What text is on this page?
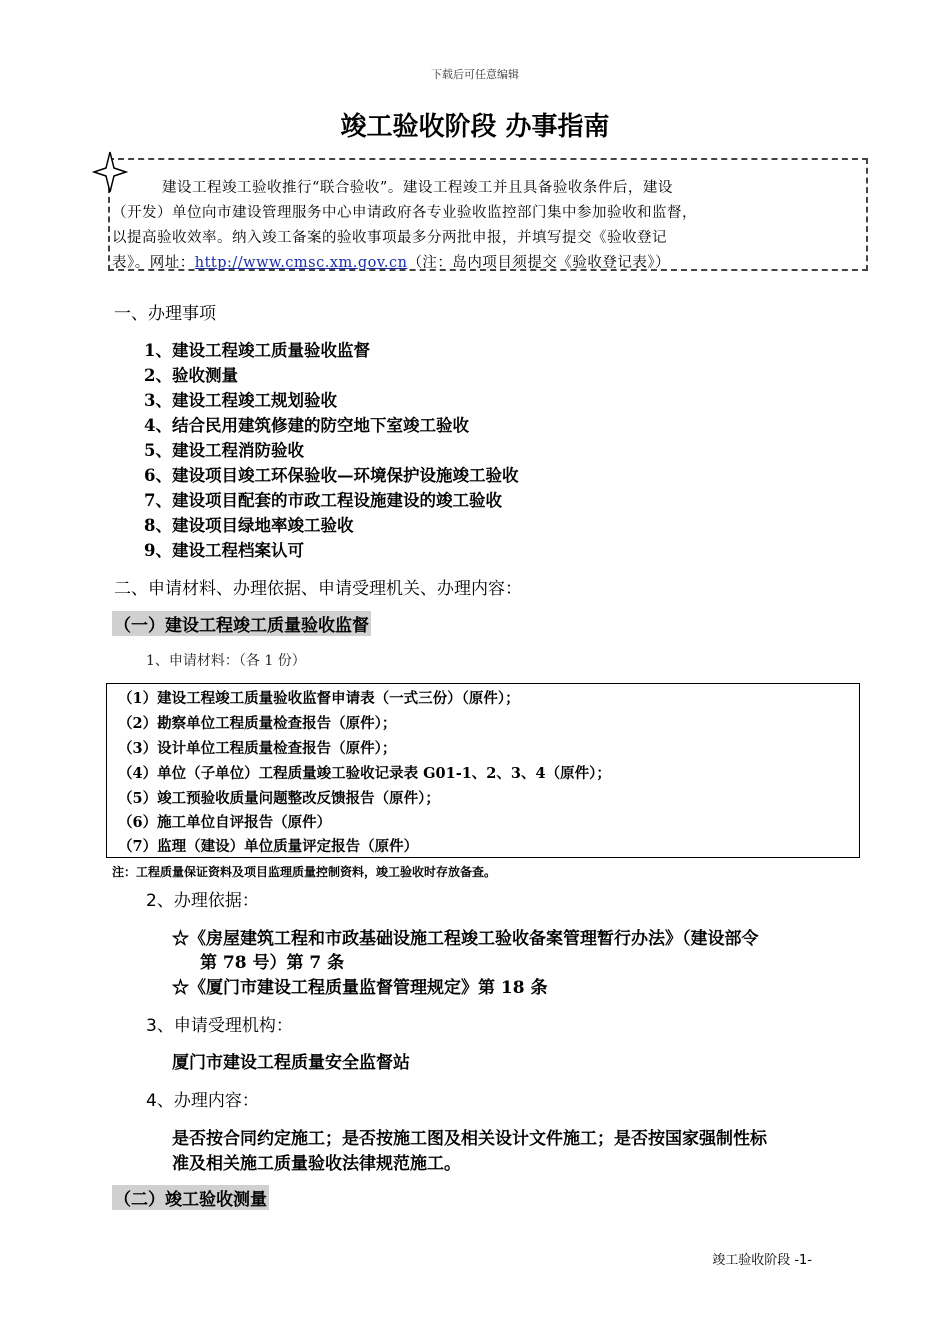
下载后可任意编辑
竣工验收阶段 办事指南
建设工程竣工验收推行“联合验收”。建设工程竣工并且具备验收条件后，建设
（开发）单位向市建设管理服务中心申请政府各专业验收监控部门集中参加验收和监督，
以提高验收效率。纳入竣工备案的验收事项最多分两批申报，并填写提交《验收登记
表》。网址：http://www.cmsc.xm.gov.cn（注：岛内项目须提交《验收登记表》）
一、办理事项
1、建设工程竣工质量验收监督
2、验收测量
3、建设工程竣工规划验收
4、结合民用建筑修建的防空地下室竣工验收
5、建设工程消防验收
6、建设项目竣工环保验收—环境保护设施竣工验收
7、建设项目配套的市政工程设施建设的竣工验收
8、建设项目绿地率竣工验收
9、建设工程档案认可
二、申请材料、办理依据、申请受理机关、办理内容：
（一）建设工程竣工质量验收监督
1、申请材料：（各 1 份）
（1）建设工程竣工质量验收监督申请表（一式三份）（原件）；
（2）勘察单位工程质量检查报告（原件）；
（3）设计单位工程质量检查报告（原件）；
（4）单位（子单位）工程质量竣工验收记录表 G01-1、2、3、4（原件）；
（5）竣工预验收质量问题整改反馈报告（原件）；
（6）施工单位自评报告（原件）
（7）监理（建设）单位质量评定报告（原件）
注：工程质量保证资料及项目监理质量控制资料，竣工验收时存放备查。
2、办理依据：
☆《房屋建筑工程和市政基础设施工程竣工验收备案管理暂行办法》（建设部令
第 78 号）第 7 条
☆《厦门市建设工程质量监督管理规定》第 18 条
3、申请受理机构：
厦门市建设工程质量安全监督站
4、办理内容：
是否按合同约定施工；是否按施工图及相关设计文件施工；是否按国家强制性标
准及相关施工质量验收法律规范施工。
（二）竣工验收测量
竣工验收阶段 -1-
